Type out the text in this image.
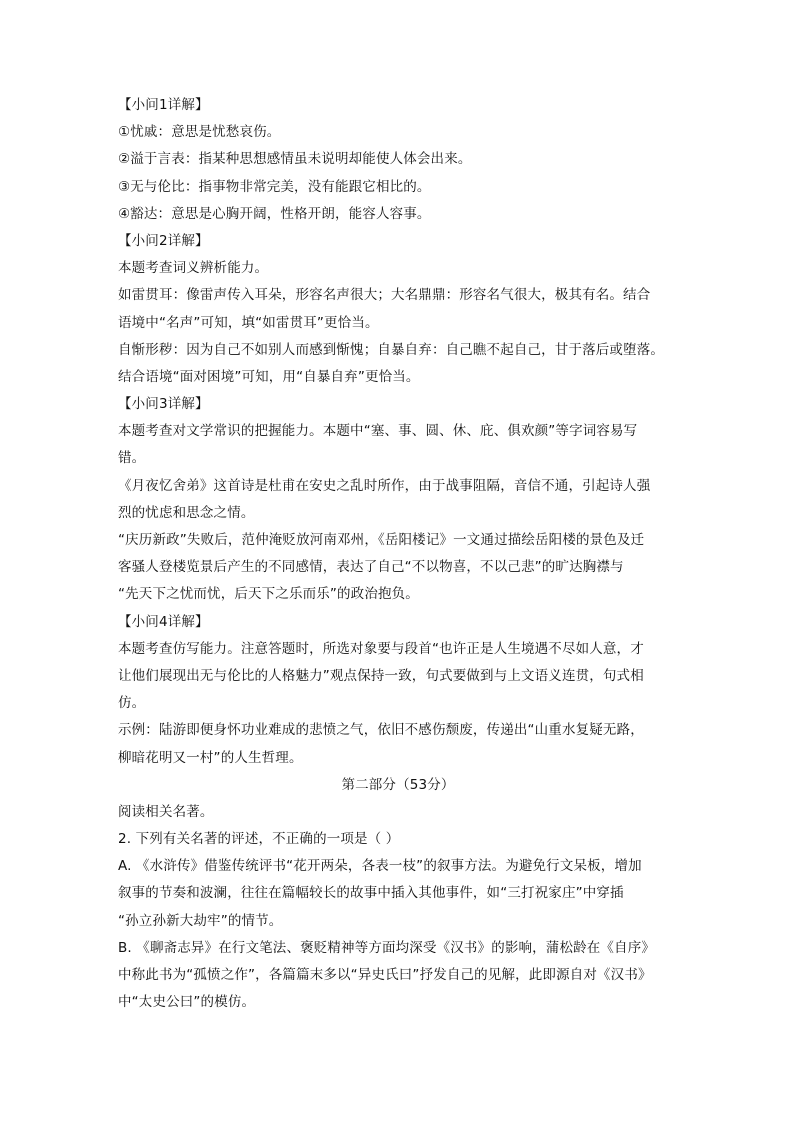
【小问1详解】
①忧戚：意思是忧愁哀伤。
②溢于言表：指某种思想感情虽未说明却能使人体会出来。
③无与伦比：指事物非常完美，没有能跟它相比的。
④豁达：意思是心胸开阔，性格开朗，能容人容事。
【小问2详解】
本题考查词义辨析能力。
如雷贯耳：像雷声传入耳朵，形容名声很大；大名鼎鼎：形容名气很大，极其有名。结合
语境中“名声”可知，填“如雷贯耳”更恰当。
自惭形秽：因为自己不如别人而感到惭愧；自暴自弃：自己瞧不起自己，甘于落后或堕落。
结合语境“面对困境”可知，用“自暴自弃”更恰当。
【小问3详解】
本题考查对文学常识的把握能力。本题中“塞、事、圆、休、庇、俱欢颜”等字词容易写
错。
《月夜忆舍弟》这首诗是杜甫在安史之乱时所作，由于战事阻隔，音信不通，引起诗人强
烈的忧虑和思念之情。
“庆历新政”失败后，范仲淹贬放河南邓州，《岳阳楼记》一文通过描绘岳阳楼的景色及迁
客骚人登楼览景后产生的不同感情，表达了自己“不以物喜，不以己悲”的旷达胸襟与
“先天下之忧而忧，后天下之乐而乐”的政治抱负。
【小问4详解】
本题考查仿写能力。注意答题时，所选对象要与段首“也许正是人生境遇不尽如人意，才
让他们展现出无与伦比的人格魅力”观点保持一致，句式要做到与上文语义连贯，句式相
仿。
示例：陆游即便身怀功业难成的悲愤之气，依旧不感伤颓废，传递出“山重水复疑无路，
柳暗花明又一村”的人生哲理。
第二部分（53分）
阅读相关名著。
2. 下列有关名著的评述，不正确的一项是（ ）
A. 《水浒传》借鉴传统评书“花开两朵，各表一枝”的叙事方法。为避免行文呆板，增加
叙事的节奏和波澜，往往在篇幅较长的故事中插入其他事件，如“三打祝家庄”中穿插
“孙立孙新大劫牢”的情节。
B. 《聊斋志异》在行文笔法、褒贬精神等方面均深受《汉书》的影响，蒲松龄在《自序》
中称此书为“孤愤之作”，各篇篇末多以“异史氏曰”抒发自己的见解，此即源自对《汉书》
中“太史公曰”的模仿。
